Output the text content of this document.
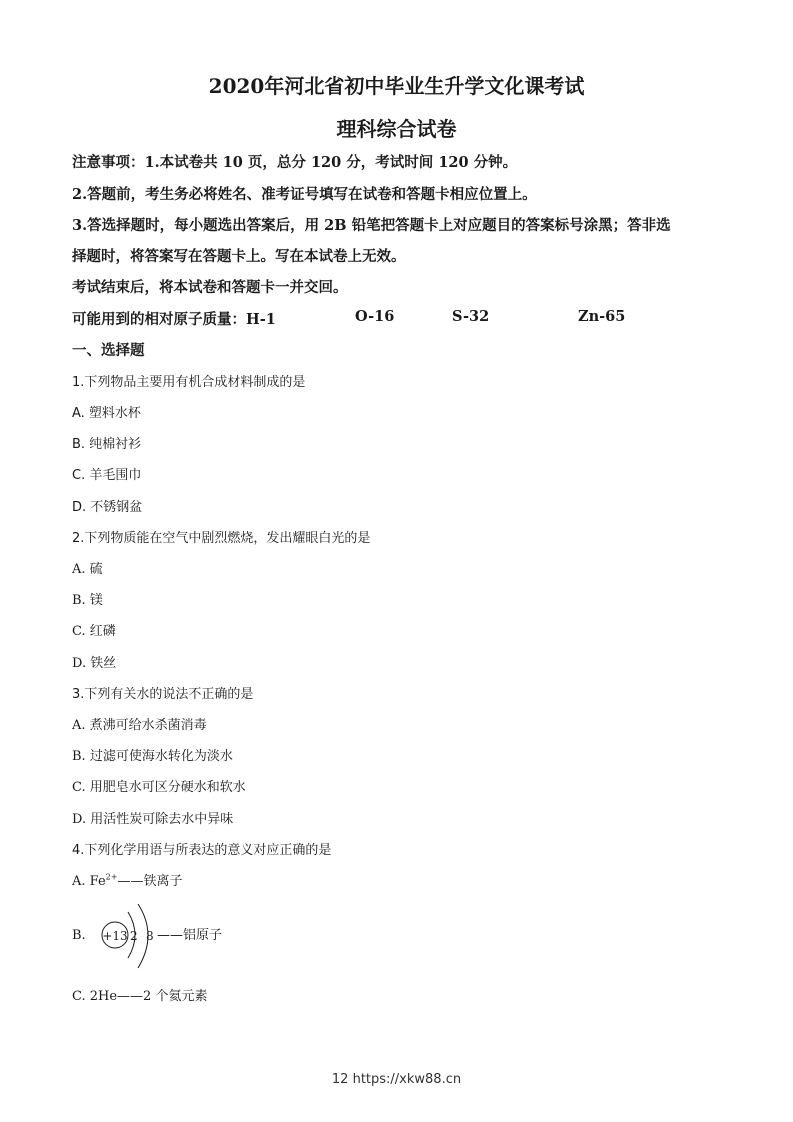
2020年河北省初中毕业生升学文化课考试
理科综合试卷
注意事项：1.本试卷共 10 页，总分 120 分，考试时间 120 分钟。
2.答题前，考生务必将姓名、准考证号填写在试卷和答题卡相应位置上。
3.答选择题时，每小题选出答案后，用 2B 铅笔把答题卡上对应题目的答案标号涂黑；答非选
择题时，将答案写在答题卡上。写在本试卷上无效。
考试结束后，将本试卷和答题卡一并交回。
可能用到的相对原子质量：H-1	O-16	S-32	Zn-65
一、选择题
1.下列物品主要用有机合成材料制成的是
A. 塑料水杯
B. 纯棉衬衫
C. 羊毛围巾
D. 不锈钢盆
2.下列物质能在空气中剧烈燃烧，发出耀眼白光的是
A. 硫
B. 镁
C. 红磷
D. 铁丝
3.下列有关水的说法不正确的是
A. 煮沸可给水杀菌消毒
B. 过滤可使海水转化为淡水
C. 用肥皂水可区分硬水和软水
D. 用活性炭可除去水中异味
4.下列化学用语与所表达的意义对应正确的是
A. $Fe^{2+}——$铁离子
B. +13 2 8 ——铝原子
C. 2He——2 个氦元素
12 https://xkw88.cn
